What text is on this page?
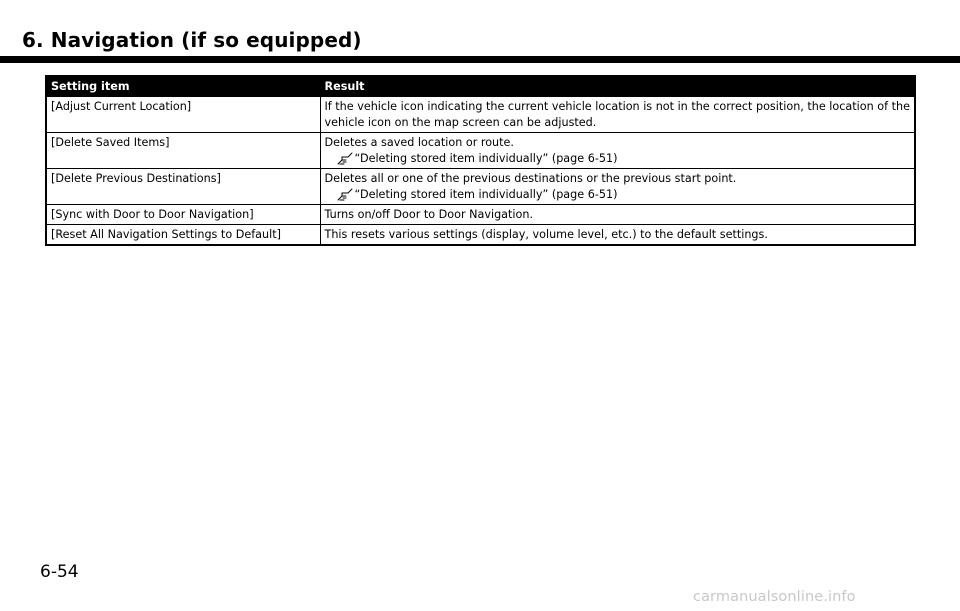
6. Navigation (if so equipped)
Setting item	Result
[Adjust Current Location]	If the vehicle icon indicating the current vehicle location is not in the correct position, the location of the vehicle icon on the map screen can be adjusted.

[Delete Saved Items]	Deletes a saved location or route.
“Deleting stored item individually” (page 6-51)

[Delete Previous Destinations]	Deletes all or one of the previous destinations or the previous start point.
“Deleting stored item individually” (page 6-51)

[Sync with Door to Door Navigation]	Turns on/off Door to Door Navigation.

[Reset All Navigation Settings to Default]	This resets various settings (display, volume level, etc.) to the default settings.
6-54
carmanualsonline.info
